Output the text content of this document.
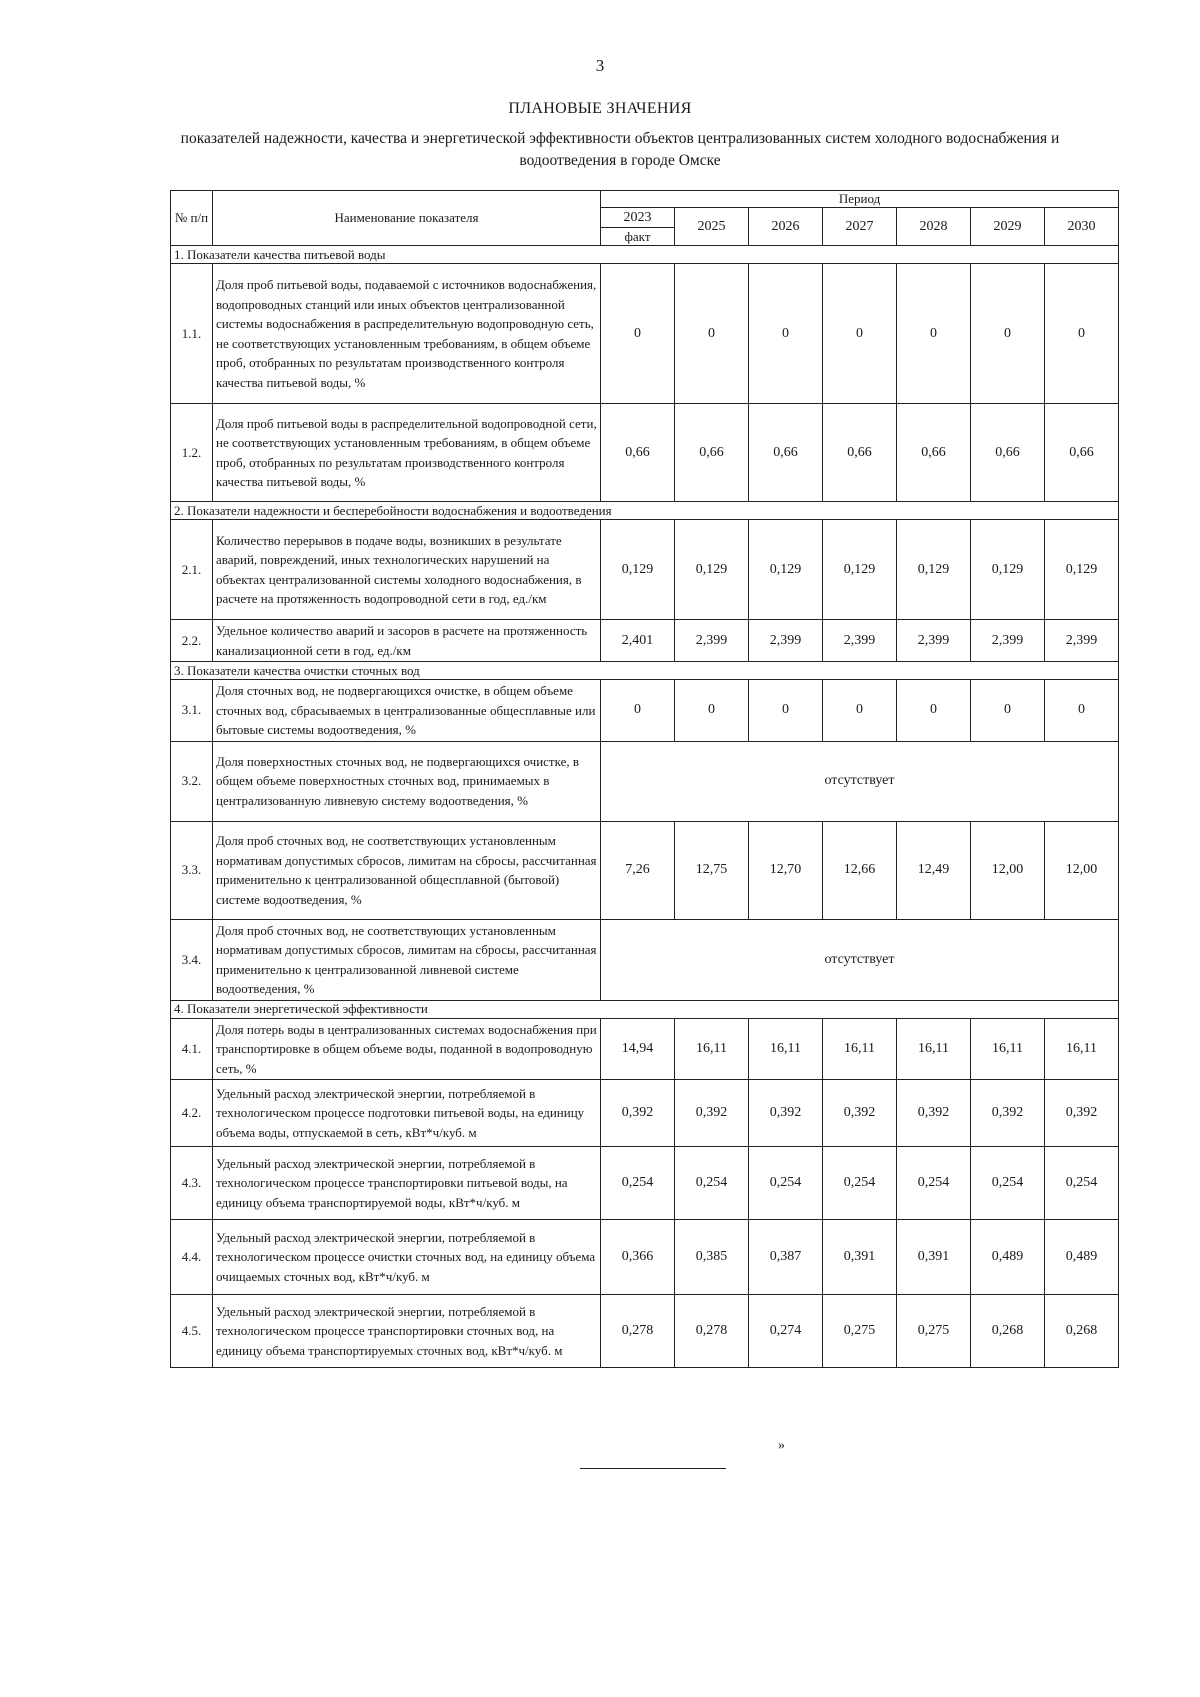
3
ПЛАНОВЫЕ ЗНАЧЕНИЯ
показателей надежности, качества и энергетической эффективности объектов централизованных систем холодного водоснабжения и водоотведения в городе Омске
№ п/п	Наименование показателя	Период						
		2023	2025	2026	2027	2028	2029	2030
		факт						
1. Показатели качества питьевой воды								
1.1.	Доля проб питьевой воды, подаваемой с источников водоснабжения, водопроводных станций или иных объектов централизованной системы водоснабжения в распределительную водопроводную сеть, не соответствующих установленным требованиям, в общем объеме проб, отобранных по результатам производственного контроля качества питьевой воды, %	0	0	0	0	0	0	0
1.2.	Доля проб питьевой воды в распределительной водопроводной сети, не соответствующих установленным требованиям, в общем объеме проб, отобранных по результатам производственного контроля качества питьевой воды, %	0,66	0,66	0,66	0,66	0,66	0,66	0,66
2. Показатели надежности и бесперебойности водоснабжения и водоотведения								
2.1.	Количество перерывов в подаче воды, возникших в результате аварий, повреждений, иных технологических нарушений на объектах централизованной системы холодного водоснабжения, в расчете на протяженность водопроводной сети в год, ед./км	0,129	0,129	0,129	0,129	0,129	0,129	0,129
2.2.	Удельное количество аварий и засоров в расчете на протяженность канализационной сети в год, ед./км	2,401	2,399	2,399	2,399	2,399	2,399	2,399
3. Показатели качества очистки сточных вод								
3.1.	Доля сточных вод, не подвергающихся очистке, в общем объеме сточных вод, сбрасываемых в централизованные общесплавные или бытовые системы водоотведения, %	0	0	0	0	0	0	0
3.2.	Доля поверхностных сточных вод, не подвергающихся очистке, в общем объеме поверхностных сточных вод, принимаемых в централизованную ливневую систему водоотведения, %	отсутствует						
3.3.	Доля проб сточных вод, не соответствующих установленным нормативам допустимых сбросов, лимитам на сбросы, рассчитанная применительно к централизованной общесплавной (бытовой) системе водоотведения, %	7,26	12,75	12,70	12,66	12,49	12,00	12,00
3.4.	Доля проб сточных вод, не соответствующих установленным нормативам допустимых сбросов, лимитам на сбросы, рассчитанная применительно к централизованной ливневой системе водоотведения, %	отсутствует						
4. Показатели энергетической эффективности								
4.1.	Доля потерь воды в централизованных системах водоснабжения при транспортировке в общем объеме воды, поданной в водопроводную сеть, %	14,94	16,11	16,11	16,11	16,11	16,11	16,11
4.2.	Удельный расход электрической энергии, потребляемой в технологическом процессе подготовки питьевой воды, на единицу объема воды, отпускаемой в сеть, кВт*ч/куб. м	0,392	0,392	0,392	0,392	0,392	0,392	0,392
4.3.	Удельный расход электрической энергии, потребляемой в технологическом процессе транспортировки питьевой воды, на единицу объема транспортируемой воды, кВт*ч/куб. м	0,254	0,254	0,254	0,254	0,254	0,254	0,254
4.4.	Удельный расход электрической энергии, потребляемой в технологическом процессе очистки сточных вод, на единицу объема очищаемых сточных вод, кВт*ч/куб. м	0,366	0,385	0,387	0,391	0,391	0,489	0,489
4.5.	Удельный расход электрической энергии, потребляемой в технологическом процессе транспортировки сточных вод, на единицу объема транспортируемых сточных вод, кВт*ч/куб. м	0,278	0,278	0,274	0,275	0,275	0,268	0,268
»
